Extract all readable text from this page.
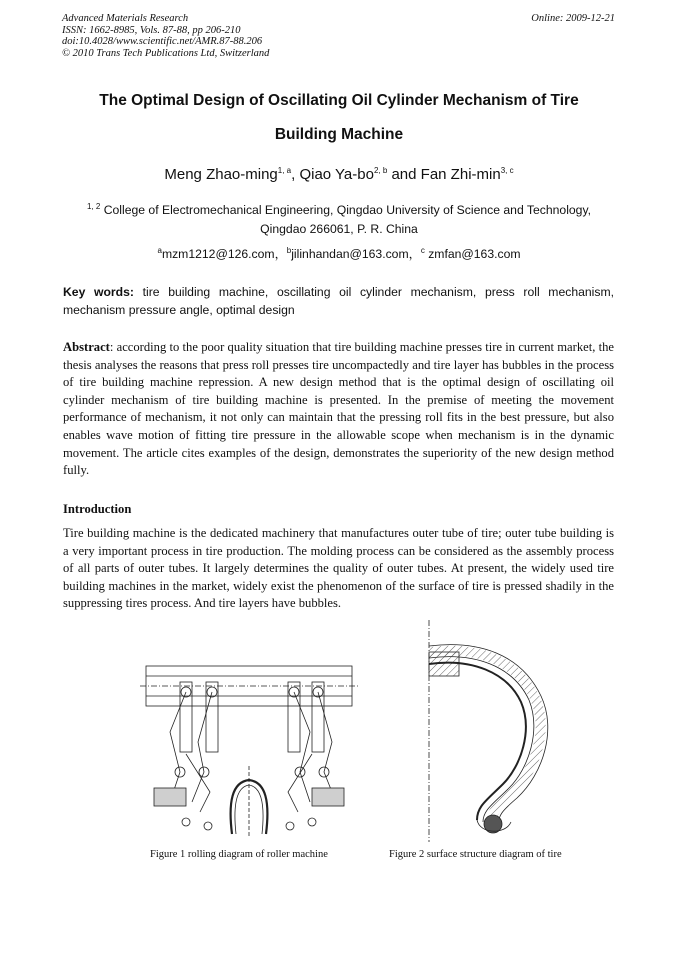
Advanced Materials Research
ISSN: 1662-8985, Vols. 87-88, pp 206-210
doi:10.4028/www.scientific.net/AMR.87-88.206
© 2010 Trans Tech Publications Ltd, Switzerland
Online: 2009-12-21
The Optimal Design of Oscillating Oil Cylinder Mechanism of Tire
Building Machine
Meng Zhao-ming$^{1, a}$, Qiao Ya-bo$^{2, b}$ and Fan Zhi-$\min^{3, c}$
$^{1, 2}$ College of Electromechanical Engineering, Qingdao University of Science and Technology,
Qingdao 266061, P. R. China
$^a$mzm1212@126.com，$^b$jilinhandan@163.com，$^c$ zmfan@163.com
Key words: tire building machine, oscillating oil cylinder mechanism, press roll mechanism, mechanism pressure angle, optimal design
Abstract: according to the poor quality situation that tire building machine presses tire in current market, the thesis analyses the reasons that press roll presses tire uncompactedly and tire layer has bubbles in the process of tire building machine repression. A new design method that is the optimal design of oscillating oil cylinder mechanism of tire building machine is presented. In the premise of meeting the movement performance of mechanism, it not only can maintain that the pressing roll fits in the best pressure, but also enables wave motion of fitting tire pressure in the allowable scope when mechanism is in the dynamic movement. The article cites examples of the design, demonstrates the superiority of the new design method fully.
Introduction
Tire building machine is the dedicated machinery that manufactures outer tube of tire; outer tube building is a very important process in tire production. The molding process can be considered as the assembly process of all parts of outer tubes. It largely determines the quality of outer tubes. At present, the widely used tire building machines in the market, widely exist the phenomenon of the surface of tire is pressed shadily in the suppressing tires process. And tire layers have bubbles.
Figure 1 rolling diagram of roller machine	Figure 2 surface structure diagram of tire
